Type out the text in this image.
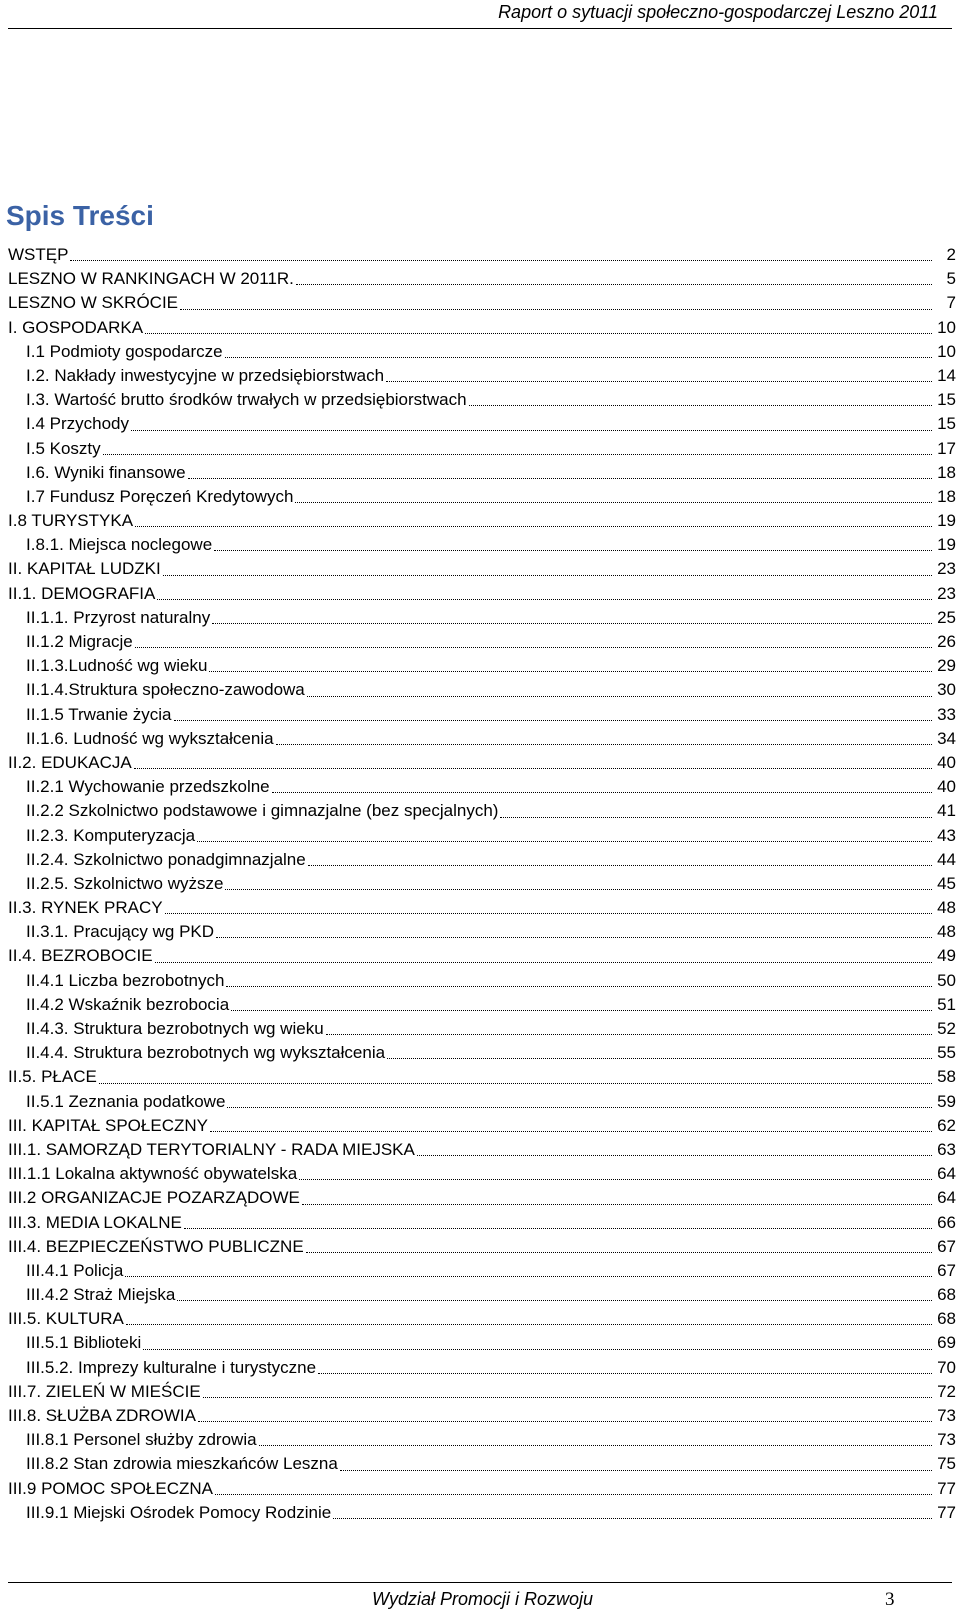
Raport o sytuacji społeczno-gospodarczej Leszno 2011
Spis Treści
WSTĘP	2
LESZNO W RANKINGACH W 2011R.	5
LESZNO W SKRÓCIE	7
I. GOSPODARKA	10
I.1 Podmioty gospodarcze	10
I.2. Nakłady inwestycyjne w przedsiębiorstwach	14
I.3. Wartość brutto środków trwałych w przedsiębiorstwach	15
I.4 Przychody	15
I.5 Koszty	17
I.6. Wyniki finansowe	18
I.7 Fundusz Poręczeń Kredytowych	18
I.8 TURYSTYKA	19
I.8.1. Miejsca noclegowe	19
II. KAPITAŁ LUDZKI	23
II.1. DEMOGRAFIA	23
II.1.1. Przyrost naturalny	25
II.1.2 Migracje	26
II.1.3.Ludność wg wieku	29
II.1.4.Struktura społeczno-zawodowa	30
II.1.5 Trwanie życia	33
II.1.6. Ludność wg wykształcenia	34
II.2. EDUKACJA	40
II.2.1 Wychowanie przedszkolne	40
II.2.2 Szkolnictwo podstawowe i gimnazjalne (bez specjalnych)	41
II.2.3. Komputeryzacja	43
II.2.4. Szkolnictwo ponadgimnazjalne	44
II.2.5. Szkolnictwo wyższe	45
II.3. RYNEK PRACY	48
II.3.1. Pracujący wg PKD	48
II.4. BEZROBOCIE	49
II.4.1 Liczba bezrobotnych	50
II.4.2 Wskaźnik bezrobocia	51
II.4.3. Struktura bezrobotnych wg wieku	52
II.4.4. Struktura bezrobotnych wg wykształcenia	55
II.5. PŁACE	58
II.5.1 Zeznania podatkowe	59
III. KAPITAŁ SPOŁECZNY	62
III.1. SAMORZĄD TERYTORIALNY - RADA MIEJSKA	63
III.1.1 Lokalna aktywność obywatelska	64
III.2 ORGANIZACJE POZARZĄDOWE	64
III.3. MEDIA LOKALNE	66
III.4. BEZPIECZEŃSTWO PUBLICZNE	67
III.4.1 Policja	67
III.4.2 Straż Miejska	68
III.5. KULTURA	68
III.5.1 Biblioteki	69
III.5.2. Imprezy kulturalne i turystyczne	70
III.7. ZIELEŃ W MIEŚCIE	72
III.8. SŁUŻBA ZDROWIA	73
III.8.1 Personel służby zdrowia	73
III.8.2 Stan zdrowia mieszkańców Leszna	75
III.9 POMOC SPOŁECZNA	77
III.9.1 Miejski Ośrodek Pomocy Rodzinie	77
Wydział Promocji i Rozwoju	3
